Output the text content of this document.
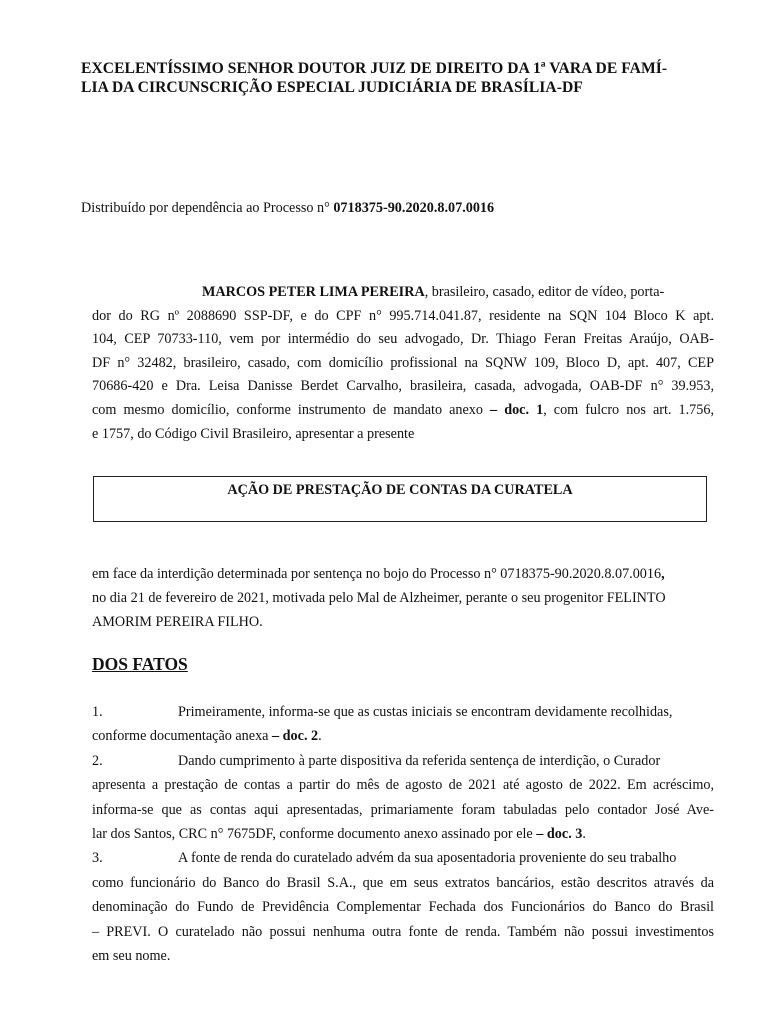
EXCELENTÍSSIMO SENHOR DOUTOR JUIZ DE DIREITO DA 1ª VARA DE FAMÍ-
LIA DA CIRCUNSCRIÇÃO ESPECIAL JUDICIÁRIA DE BRASÍLIA-DF
Distribuído por dependência ao Processo n° 0718375-90.2020.8.07.0016
MARCOS PETER LIMA PEREIRA, brasileiro, casado, editor de vídeo, porta-
dor do RG nº 2088690 SSP-DF, e do CPF n° 995.714.041.87, residente na SQN 104 Bloco K apt.
104, CEP 70733-110, vem por intermédio do seu advogado, Dr. Thiago Feran Freitas Araújo, OAB-
DF n° 32482, brasileiro, casado, com domicílio profissional na SQNW 109, Bloco D, apt. 407, CEP
70686-420 e Dra. Leisa Danisse Berdet Carvalho, brasileira, casada, advogada, OAB-DF n° 39.953,
com mesmo domicílio, conforme instrumento de mandato anexo – doc. 1, com fulcro nos art. 1.756,
e 1757, do Código Civil Brasileiro, apresentar a presente
AÇÃO DE PRESTAÇÃO DE CONTAS DA CURATELA
em face da interdição determinada por sentença no bojo do Processo n° 0718375-90.2020.8.07.0016,
no dia 21 de fevereiro de 2021, motivada pelo Mal de Alzheimer, perante o seu progenitor FELINTO
AMORIM PEREIRA FILHO.
DOS FATOS
1.	Primeiramente, informa-se que as custas iniciais se encontram devidamente recolhidas,
conforme documentação anexa – doc. 2.
2.	Dando cumprimento à parte dispositiva da referida sentença de interdição, o Curador
apresenta a prestação de contas a partir do mês de agosto de 2021 até agosto de 2022. Em acréscimo,
informa-se que as contas aqui apresentadas, primariamente foram tabuladas pelo contador José Ave-
lar dos Santos, CRC n° 7675DF, conforme documento anexo assinado por ele – doc. 3.
3.	A fonte de renda do curatelado advém da sua aposentadoria proveniente do seu trabalho
como funcionário do Banco do Brasil S.A., que em seus extratos bancários, estão descritos através da
denominação do Fundo de Previdência Complementar Fechada dos Funcionários do Banco do Brasil
– PREVI. O curatelado não possui nenhuma outra fonte de renda. Também não possui investimentos
em seu nome.
